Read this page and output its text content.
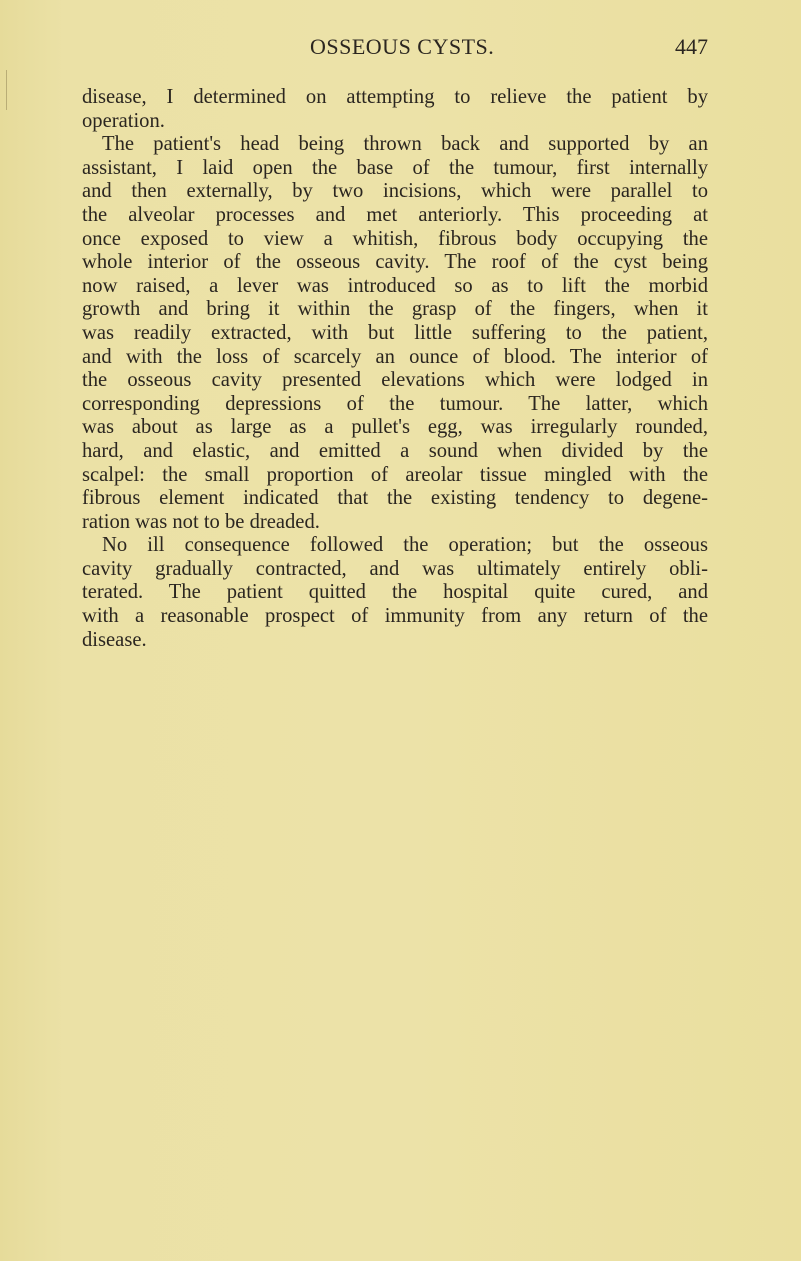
OSSEOUS CYSTS.	447
disease, I determined on attempting to relieve the patient by
operation.
The patient's head being thrown back and supported by an
assistant, I laid open the base of the tumour, first internally
and then externally, by two incisions, which were parallel to
the alveolar processes and met anteriorly. This proceeding at
once exposed to view a whitish, fibrous body occupying the
whole interior of the osseous cavity. The roof of the cyst being
now raised, a lever was introduced so as to lift the morbid
growth and bring it within the grasp of the fingers, when it
was readily extracted, with but little suffering to the patient,
and with the loss of scarcely an ounce of blood. The interior of
the osseous cavity presented elevations which were lodged in
corresponding depressions of the tumour. The latter, which
was about as large as a pullet's egg, was irregularly rounded,
hard, and elastic, and emitted a sound when divided by the
scalpel: the small proportion of areolar tissue mingled with the
fibrous element indicated that the existing tendency to degene-
ration was not to be dreaded.
No ill consequence followed the operation; but the osseous
cavity gradually contracted, and was ultimately entirely obli-
terated. The patient quitted the hospital quite cured, and
with a reasonable prospect of immunity from any return of the
disease.
